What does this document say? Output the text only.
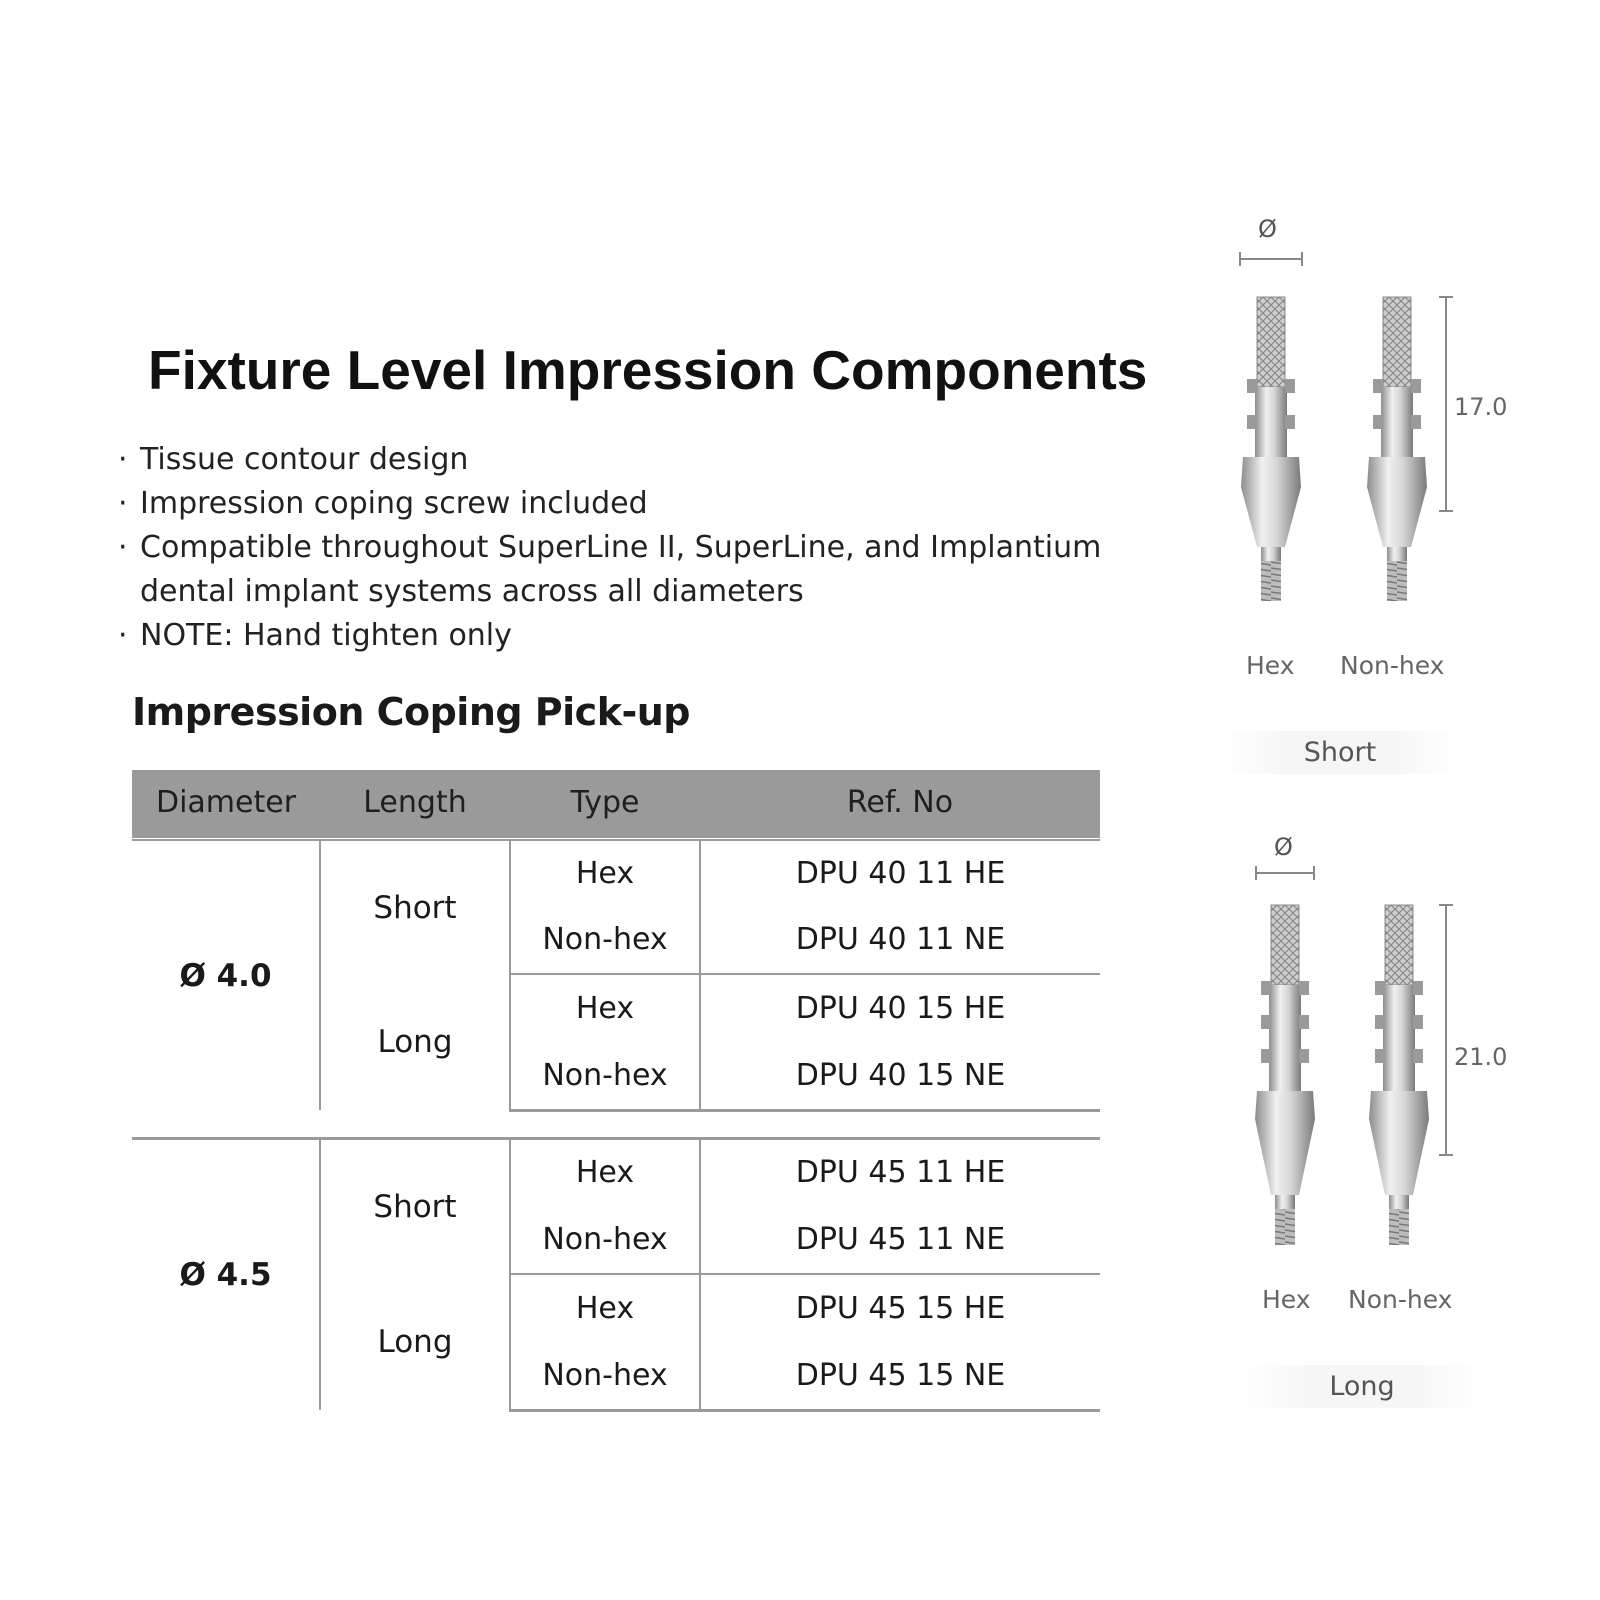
Fixture Level Impression Components
· Tissue contour design
· Impression coping screw included
· Compatible throughout SuperLine II, SuperLine, and Implantium dental implant systems across all diameters
· NOTE: Hand tighten only
Impression Coping Pick-up
Diameter	Length	Type	Ref. No
Ø 4.0	Short	Hex	DPU 40 11 HE
		Non-hex	DPU 40 11 NE
	Long	Hex	DPU 40 15 HE
		Non-hex	DPU 40 15 NE

Ø 4.5	Short	Hex	DPU 45 11 HE
		Non-hex	DPU 45 11 NE
	Long	Hex	DPU 45 15 HE
		Non-hex	DPU 45 15 NE
Ø
17.0
Hex Non-hex
Short
Ø
21.0
Hex Non-hex
Long
